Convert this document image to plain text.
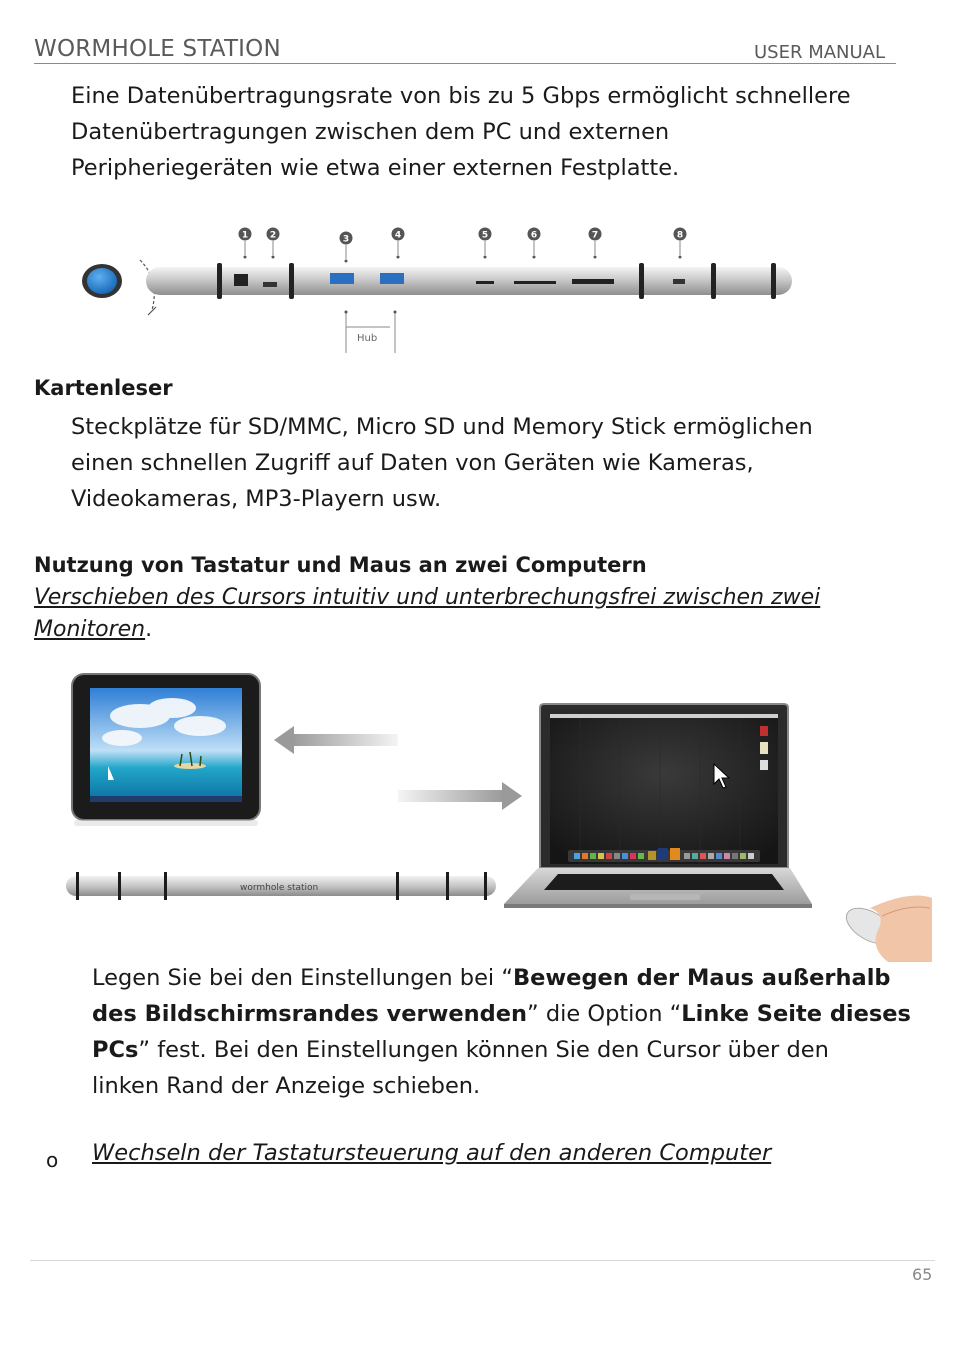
WORMHOLE STATION	USER MANUAL
Eine Datenübertragungsrate von bis zu 5 Gbps ermöglicht schnellere
Datenübertragungen zwischen dem PC und externen
Peripheriegeräten wie etwa einer externen Festplatte.
1 2	3	4	5	6	7	8
Hub
Kartenleser
Steckplätze für SD/MMC, Micro SD und Memory Stick ermöglichen
einen schnellen Zugriff auf Daten von Geräten wie Kameras,
Videokameras, MP3-Playern usw.
Nutzung von Tastatur und Maus an zwei Computern
Verschieben des Cursors intuitiv und unterbrechungsfrei zwischen zwei
Monitoren.
wormhole station
Legen Sie bei den Einstellungen bei “Bewegen der Maus außerhalb
des Bildschirmsrandes verwenden” die Option “Linke Seite dieses
PCs” fest. Bei den Einstellungen können Sie den Cursor über den
linken Rand der Anzeige schieben.
o Wechseln der Tastatursteuerung auf den anderen Computer
65
